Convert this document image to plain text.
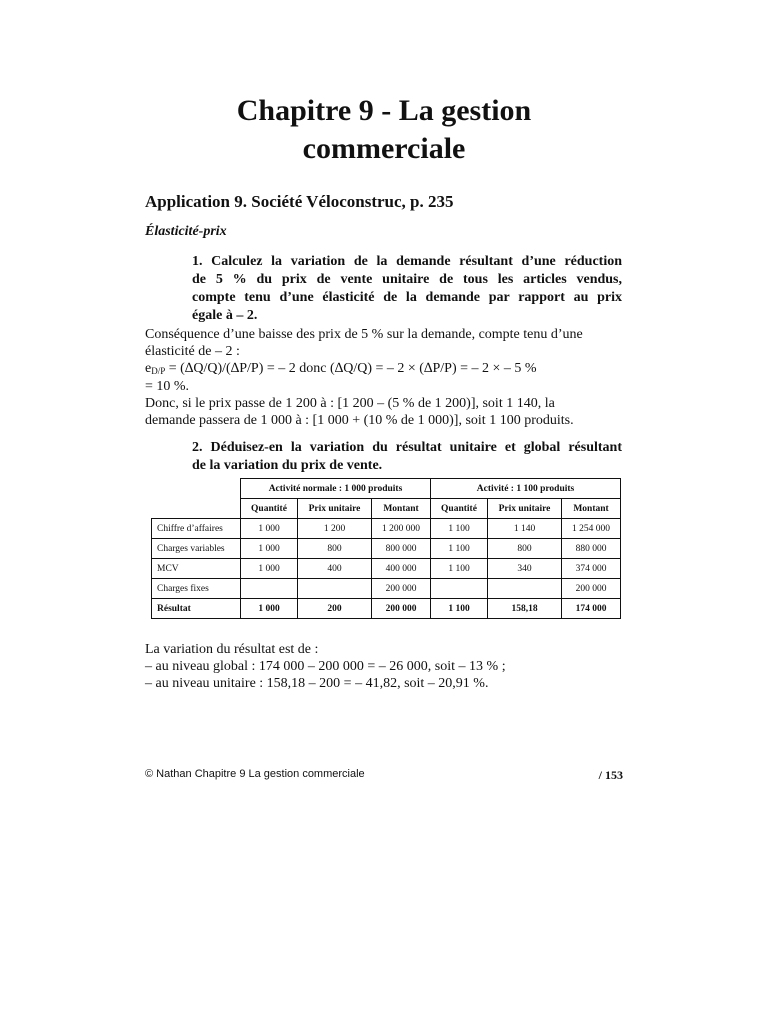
Chapitre 9 - La gestion
commerciale
Application 9. Société Véloconstruc, p. 235
Élasticité-prix

1. Calculez la variation de la demande résultant d’une réduction
de 5 % du prix de vente unitaire de tous les articles vendus,
compte tenu d’une élasticité de la demande par rapport au prix
égale à – 2.

Conséquence d’une baisse des prix de 5 % sur la demande, compte tenu d’une
élasticité de – 2 :
$e_{D/P} = (\Delta Q/Q)/(\Delta P/P)$ = – 2 donc (∆Q/Q) = – 2 × (∆P/P) = – 2 × – 5 %
= 10 %.
Donc, si le prix passe de 1 200 à : [1 200 – (5 % de 1 200)], soit 1 140, la
demande passera de 1 000 à : [1 000 + (10 % de 1 000)], soit 1 100 produits.

2. Déduisez-en la variation du résultat unitaire et global résultant
de la variation du prix de vente.

	Activité normale : 1 000 produits			Activité : 1 100 produits		
	Quantité	Prix unitaire	Montant	Quantité	Prix unitaire	Montant
Chiffre d’affaires	1 000	1 200	1 200 000	1 100	1 140	1 254 000
Charges variables	1 000	800	800 000	1 100	800	880 000
MCV	1 000	400	400 000	1 100	340	374 000
Charges fixes			200 000			200 000
Résultat	1 000	200	200 000	1 100	158,18	174 000
La variation du résultat est de :
– au niveau global : 174 000 – 200 000 = – 26 000, soit – 13 % ;
– au niveau unitaire : 158,18 – 200 = – 41,82, soit – 20,91 %.
© Nathan Chapitre 9 La gestion commerciale	/ 153
